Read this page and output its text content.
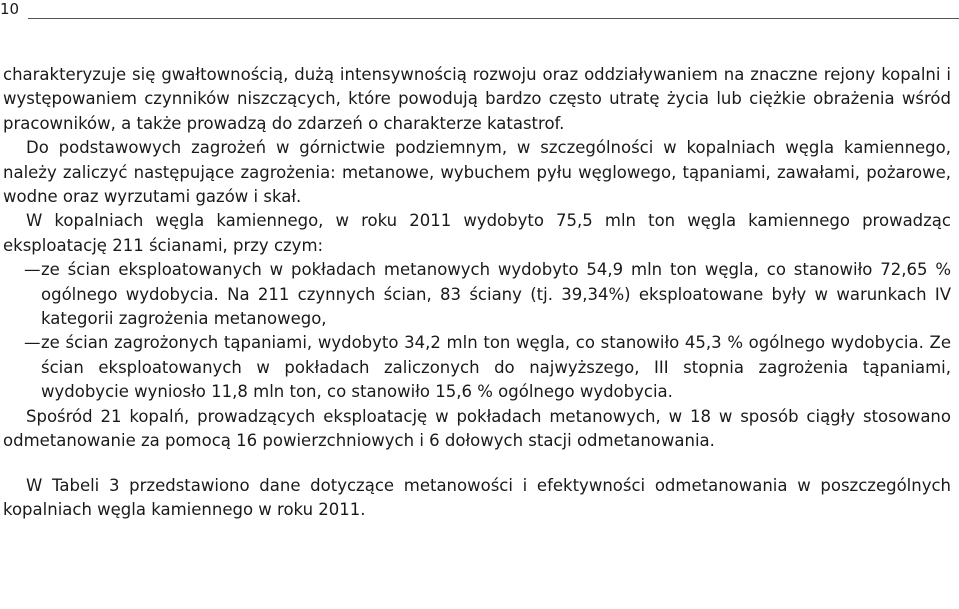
10

charakteryzuje się gwałtownością, dużą intensywnością rozwoju oraz oddziaływaniem na znaczne rejony kopalni i występowaniem czynników niszczących, które powodują bardzo często utratę życia lub ciężkie obrażenia wśród pracowników, a także prowadzą do zdarzeń o charakterze katastrof.

Do podstawowych zagrożeń w górnictwie podziemnym, w szczególności w kopalniach węgla kamiennego, należy zaliczyć następujące zagrożenia: metanowe, wybuchem pyłu węglowego, tąpaniami, zawałami, pożarowe, wodne oraz wyrzutami gazów i skał.

W kopalniach węgla kamiennego, w roku 2011 wydobyto 75,5 mln ton węgla kamiennego prowadząc eksploatację 211 ścianami, przy czym:

— ze ścian eksploatowanych w pokładach metanowych wydobyto 54,9 mln ton węgla, co stanowiło 72,65 % ogólnego wydobycia. Na 211 czynnych ścian, 83 ściany (tj. 39,34%) eksploatowane były w warunkach IV kategorii zagrożenia metanowego,
— ze ścian zagrożonych tąpaniami, wydobyto 34,2 mln ton węgla, co stanowiło 45,3 % ogólnego wydobycia. Ze ścian eksploatowanych w pokładach zaliczonych do najwyższego, III stopnia zagrożenia tąpaniami, wydobycie wyniosło 11,8 mln ton, co stanowiło 15,6 % ogólnego wydobycia.

Spośród 21 kopalń, prowadzących eksploatację w pokładach metanowych, w 18 w sposób ciągły stosowano odmetanowanie za pomocą 16 powierzchniowych i 6 dołowych stacji odmetanowania.

W Tabeli 3 przedstawiono dane dotyczące metanowości i efektywności odmetanowania w poszczególnych kopalniach węgla kamiennego w roku 2011.
